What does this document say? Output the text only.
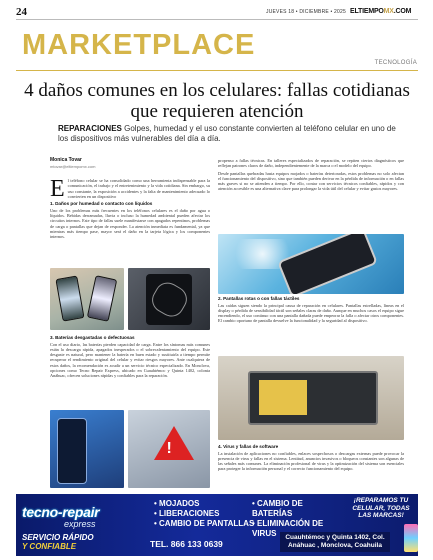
24	JUEVES 18 • DICIEMBRE • 2025 ELTIEMPOMX.COM
MARKETPLACE
TECNOLOGÍA
4 daños comunes en los celulares: fallas cotidianas que requieren atención
REPARACIONES Golpes, humedad y el uso constante convierten al teléfono celular en uno de los dispositivos más vulnerables del día a día.
Monica Tovar
mtovar@eltiempomx.com

El teléfono celular se ha consolidado como una herramienta indispensable para la comunicación, el trabajo y el entretenimiento y la vida cotidiana. Sin embargo, su uso constante, la exposición a accidentes y la falta de mantenimiento adecuado lo convierten en un dispositivo

1. Daños por humedad o contacto con líquidos

Uno de los problemas más frecuentes en los teléfonos celulares es el daño por agua o líquidos. Bebidas derramadas, lluvia o incluso la humedad ambiental pueden afectar los circuitos internos. Este tipo de fallas suele manifestarse con apagados repentinos, problemas de carga o pantallas que dejan de responder. La atención inmediata es fundamental, ya que mientras más tiempo pase, mayor será el daño en la tarjeta lógica y los componentes internos.

3. Baterías desgastadas o defectuosas

Con el uso diario, las baterías pierden capacidad de carga. Entre los síntomas más comunes están la descarga rápida, apagados inesperados o el sobrecalentamiento del equipo. Este desgaste es natural, pero mantener la batería en buen estado y sustituirla a tiempo permite recuperar el rendimiento original del celular y evitar riesgos mayores. Ante cualquiera de estos daños, la recomendación es acudir a un servicio técnico especializado. En Monclova, opciones como Tecno Repair Express, ubicado en Cuauhtémoc y Quinta 1402, colonia Anáhuac, ofrecen soluciones rápidas y confiables para la reparación.

!

propenso a fallas técnicas. En talleres especializados de reparación, se repiten ciertos diagnósticos que reflejan patrones claros de daño, independientemente de la marca o el modelo del equipo.

Desde pantallas quebradas hasta equipos mojados o baterías deterioradas, estos problemas no solo afectan el funcionamiento del dispositivo, sino que también pueden derivar en la pérdida de información o en fallas más graves si no se atienden a tiempo. Por ello, contar con servicios técnicos confiables, rápidos y con atención accesible es una alternativa clave para prolongar la vida útil del celular y evitar gastos mayores.

2. Pantallas rotas o con fallas táctiles

Las caídas siguen siendo la principal causa de reparación en celulares. Pantallas estrelladas, líneas en el display o pérdida de sensibilidad táctil son señales claras de daño. Aunque en muchos casos el equipo sigue encendiendo, el uso continuo con una pantalla dañada puede empeorar la falla o afectar otros componentes. El cambio oportuno de pantalla devuelve la funcionalidad y la seguridad al dispositivo.

4. Virus y fallas de software

La instalación de aplicaciones no confiables, enlaces sospechosos o descargas externas puede provocar la presencia de virus y fallas en el sistema. Lentitud, anuncios invasivos o bloqueos constantes son algunas de las señales más comunes. La eliminación profesional de virus y la optimización del sistema son esenciales para proteger la información personal y el correcto funcionamiento del equipo.

tecno-repair
express
• MOJADOS
• LIBERACIONES
• CAMBIO DE PANTALLAS
• CAMBIO DE BATERÍAS
• ELIMINACIÓN DE VIRUS
¡REPARAMOS TU CELULAR, TODAS LAS MARCAS!
SERVICIO RÁPIDO
Y CONFIABLE	TEL. 866 133 0639
Cuauhtémoc y Quinta 1402, Col.
Anáhuac , Monclova, Coahuila
